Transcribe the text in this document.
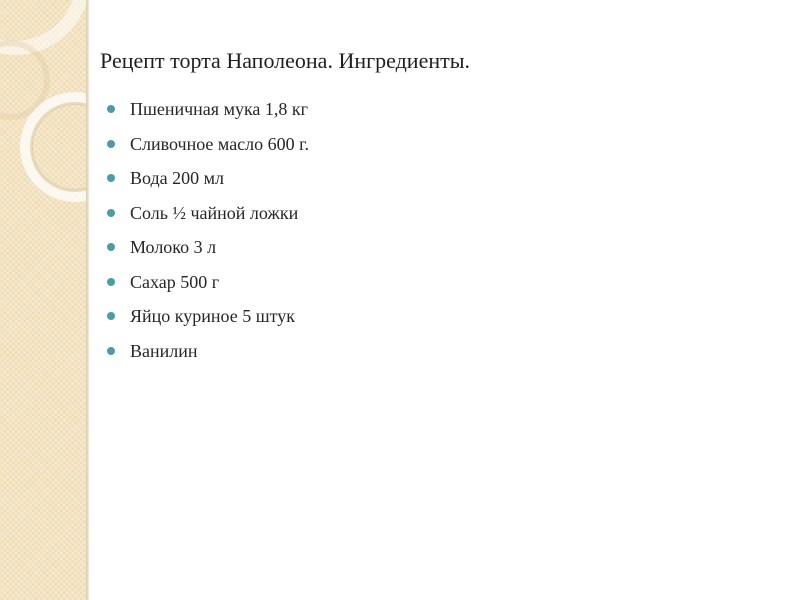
Рецепт торта Наполеона. Ингредиенты.
Пшеничная мука 1,8 кг
Сливочное масло 600 г.
Вода 200 мл
Соль ½ чайной ложки
Молоко 3 л
Сахар 500 г
Яйцо куриное 5 штук
Ванилин
